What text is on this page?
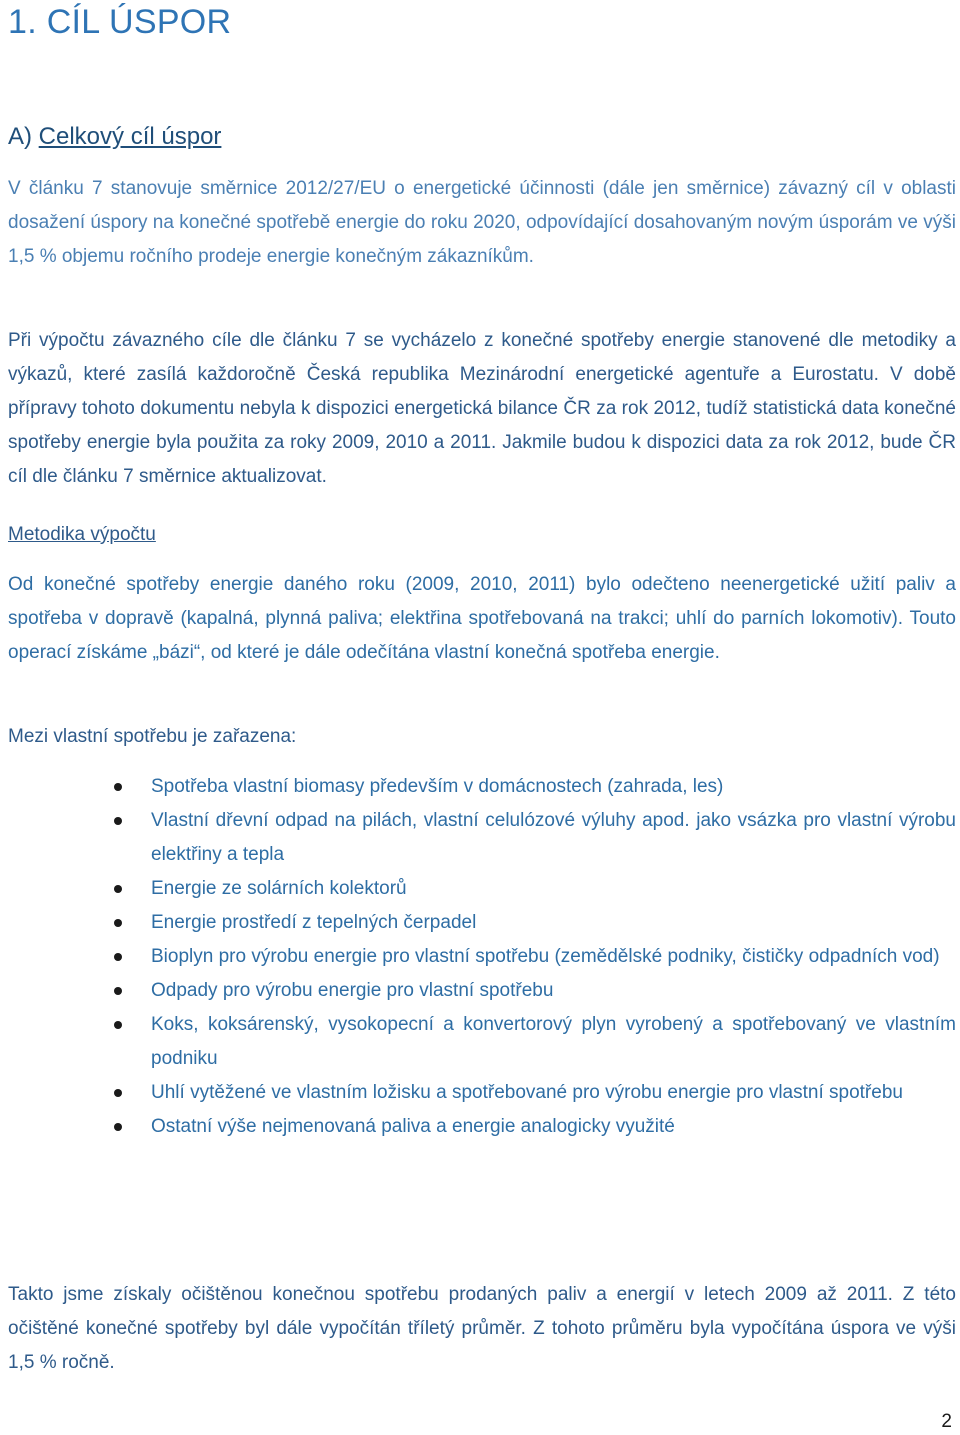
1. CÍL ÚSPOR
A) Celkový cíl úspor

V článku 7 stanovuje směrnice 2012/27/EU o energetické účinnosti (dále jen směrnice) závazný cíl v oblasti dosažení úspory na konečné spotřebě energie do roku 2020, odpovídající dosahovaným novým úsporám ve výši 1,5 % objemu ročního prodeje energie konečným zákazníkům.

Při výpočtu závazného cíle dle článku 7 se vycházelo z konečné spotřeby energie stanovené dle metodiky a výkazů, které zasílá každoročně Česká republika Mezinárodní energetické agentuře a Eurostatu. V době přípravy tohoto dokumentu nebyla k dispozici energetická bilance ČR za rok 2012, tudíž statistická data konečné spotřeby energie byla použita za roky 2009, 2010 a 2011. Jakmile budou k dispozici data za rok 2012, bude ČR cíl dle článku 7 směrnice aktualizovat.

Metodika výpočtu

Od konečné spotřeby energie daného roku (2009, 2010, 2011) bylo odečteno neenergetické užití paliv a spotřeba v dopravě (kapalná, plynná paliva; elektřina spotřebovaná na trakci; uhlí do parních lokomotiv). Touto operací získáme „bázi“, od které je dále odečítána vlastní konečná spotřeba energie.

Mezi vlastní spotřebu je zařazena:

Spotřeba vlastní biomasy především v domácnostech (zahrada, les)
Vlastní dřevní odpad na pilách, vlastní celulózové výluhy apod. jako vsázka pro vlastní výrobu elektřiny a tepla
Energie ze solárních kolektorů
Energie prostředí z tepelných čerpadel
Bioplyn pro výrobu energie pro vlastní spotřebu (zemědělské podniky, čističky odpadních vod)
Odpady pro výrobu energie pro vlastní spotřebu
Koks, koksárenský, vysokopecní a konvertorový plyn vyrobený a spotřebovaný ve vlastním podniku
Uhlí vytěžené ve vlastním ložisku a spotřebované pro výrobu energie pro vlastní spotřebu
Ostatní výše nejmenovaná paliva a energie analogicky využité

Takto jsme získaly očištěnou konečnou spotřebu prodaných paliv a energií v letech 2009 až 2011. Z této očištěné konečné spotřeby byl dále vypočítán tříletý průměr. Z tohoto průměru byla vypočítána úspora ve výši 1,5 % ročně.

2
